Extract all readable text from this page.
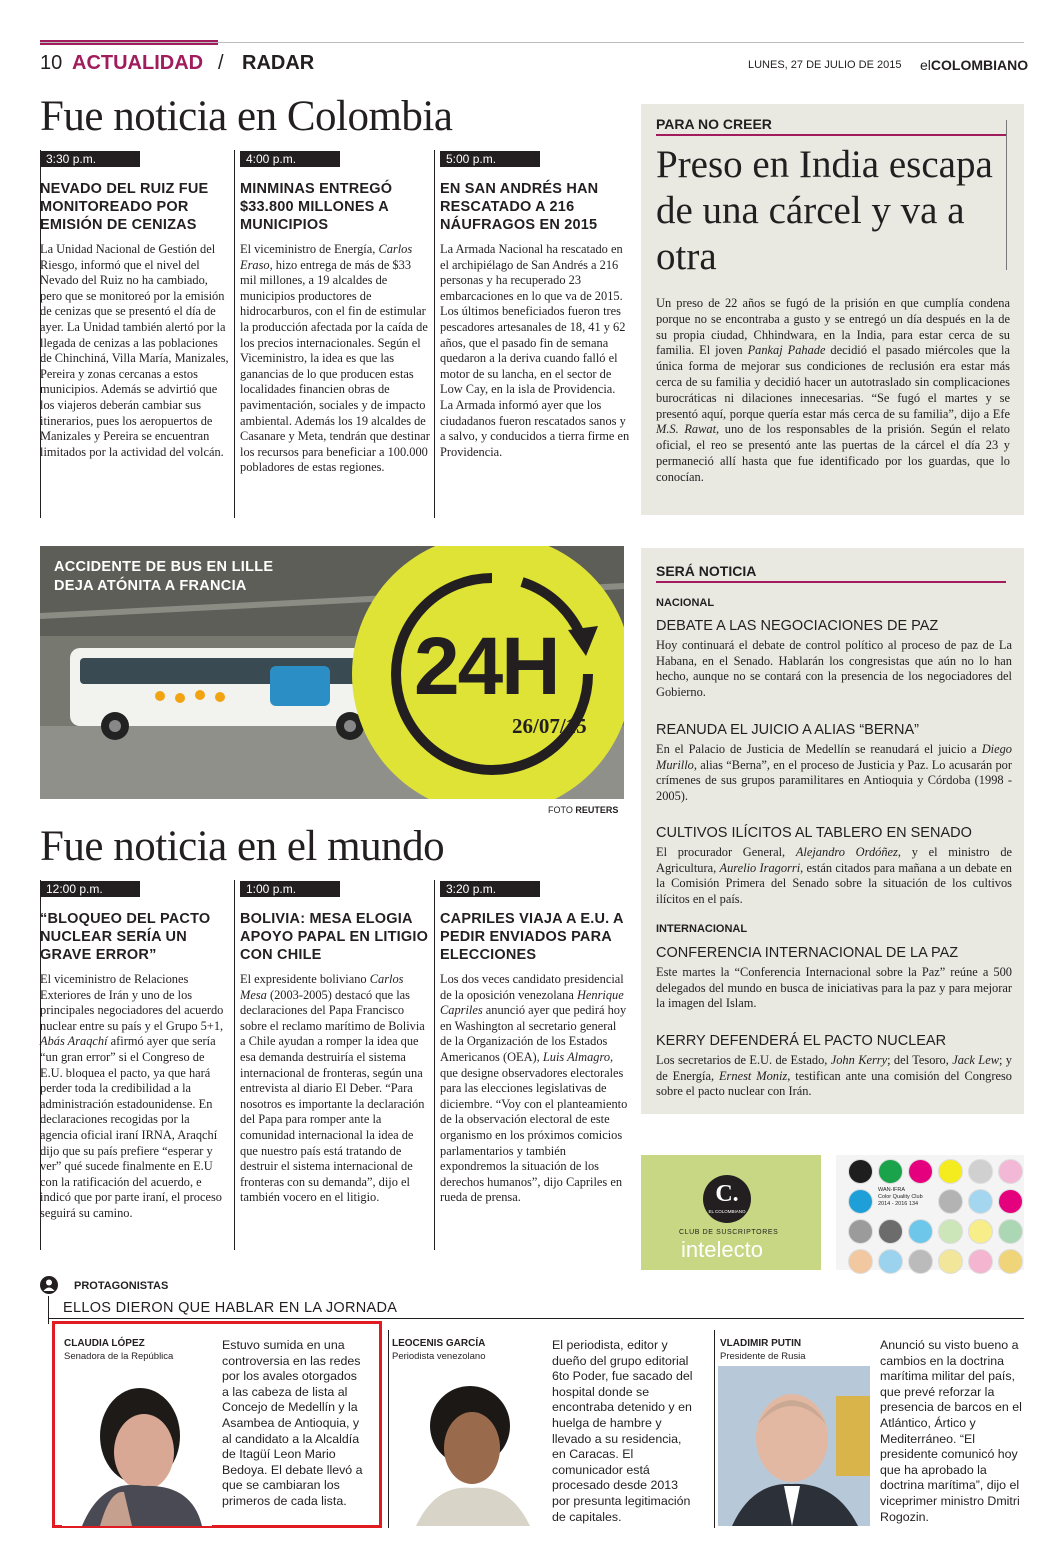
10 ACTUALIDAD / RADAR	LUNES, 27 DE JULIO DE 2015 elCOLOMBIANO
Fue noticia en Colombia
3:30 p.m.
NEVADO DEL RUIZ FUE MONITOREADO POR EMISIÓN DE CENIZAS
La Unidad Nacional de Gestión del Riesgo, informó que el nivel del Nevado del Ruiz no ha cambiado, pero que se monitoreó por la emisión de cenizas que se presentó el día de ayer. La Unidad también alertó por la llegada de cenizas a las poblaciones de Chinchiná, Villa María, Manizales, Pereira y zonas cercanas a estos municipios. Además se advirtió que los viajeros deberán cambiar sus itinerarios, pues los aeropuertos de Manizales y Pereira se encuentran limitados por la actividad del volcán.
4:00 p.m.
MINMINAS ENTREGÓ $33.800 MILLONES A MUNICIPIOS
El viceministro de Energía, Carlos Eraso, hizo entrega de más de $33 mil millones, a 19 alcaldes de municipios productores de hidrocarburos, con el fin de estimular la producción afectada por la caída de los precios internacionales. Según el Viceministro, la idea es que las ganancias de lo que producen estas localidades financien obras de pavimentación, sociales y de impacto ambiental. Además los 19 alcaldes de Casanare y Meta, tendrán que destinar los recursos para beneficiar a 100.000 pobladores de estas regiones.
5:00 p.m.
EN SAN ANDRÉS HAN RESCATADO A 216 NÁUFRAGOS EN 2015
La Armada Nacional ha rescatado en el archipiélago de San Andrés a 216 personas y ha recuperado 23 embarcaciones en lo que va de 2015. Los últimos beneficiados fueron tres pescadores artesanales de 18, 41 y 62 años, que el pasado fin de semana quedaron a la deriva cuando falló el motor de su lancha, en el sector de Low Cay, en la isla de Providencia. La Armada informó ayer que los ciudadanos fueron rescatados sanos y a salvo, y conducidos a tierra firme en Providencia.
PARA NO CREER
Preso en India escapa de una cárcel y va a otra
Un preso de 22 años se fugó de la prisión en que cumplía condena porque no se encontraba a gusto y se entregó un día después en la de su propia ciudad, Chhindwara, en la India, para estar cerca de su familia. El joven Pankaj Pahade decidió el pasado miércoles que la única forma de mejorar sus condiciones de reclusión era estar más cerca de su familia y decidió hacer un autotraslado sin complicaciones burocráticas ni dilaciones innecesarias. “Se fugó el martes y se presentó aquí, porque quería estar más cerca de su familia”, dijo a Efe M.S. Rawat, uno de los responsables de la prisión. Según el relato oficial, el reo se presentó ante las puertas de la cárcel el día 23 y permaneció allí hasta que fue identificado por los guardas, que lo conocían.
ACCIDENTE DE BUS EN LILLE DEJA ATÓNITA A FRANCIA
24H
26/07/15
FOTO REUTERS
SERÁ NOTICIA
NACIONAL
DEBATE A LAS NEGOCIACIONES DE PAZ
Hoy continuará el debate de control político al proceso de paz de La Habana, en el Senado. Hablarán los congresistas que aún no lo han hecho, aunque no se contará con la presencia de los negociadores del Gobierno.
REANUDA EL JUICIO A ALIAS “BERNA”
En el Palacio de Justicia de Medellín se reanudará el juicio a Diego Murillo, alias “Berna”, en el proceso de Justicia y Paz. Lo acusarán por crímenes de sus grupos paramilitares en Antioquia y Córdoba (1998 - 2005).
CULTIVOS ILÍCITOS AL TABLERO EN SENADO
El procurador General, Alejandro Ordóñez, y el ministro de Agricultura, Aurelio Iragorri, están citados para mañana a un debate en la Comisión Primera del Senado sobre la situación de los cultivos ilícitos en el país.
INTERNACIONAL
CONFERENCIA INTERNACIONAL DE LA PAZ
Este martes la “Conferencia Internacional sobre la Paz” reúne a 500 delegados del mundo en busca de iniciativas para la paz y para mejorar la imagen del Islam.
KERRY DEFENDERÁ EL PACTO NUCLEAR
Los secretarios de E.U. de Estado, John Kerry; del Tesoro, Jack Lew; y de Energía, Ernest Moniz, testifican ante una comisión del Congreso sobre el pacto nuclear con Irán.
Fue noticia en el mundo
12:00 p.m.
“BLOQUEO DEL PACTO NUCLEAR SERÍA UN GRAVE ERROR”
El viceministro de Relaciones Exteriores de Irán y uno de los principales negociadores del acuerdo nuclear entre su país y el Grupo 5+1, Abás Araqchí afirmó ayer que sería “un gran error” si el Congreso de E.U. bloquea el pacto, ya que hará perder toda la credibilidad a la administración estadounidense. En declaraciones recogidas por la agencia oficial iraní IRNA, Araqchí dijo que su país prefiere “esperar y ver” qué sucede finalmente en E.U con la ratificación del acuerdo, e indicó que por parte iraní, el proceso seguirá su camino.
1:00 p.m.
BOLIVIA: MESA ELOGIA APOYO PAPAL EN LITIGIO CON CHILE
El expresidente boliviano Carlos Mesa (2003-2005) destacó que las declaraciones del Papa Francisco sobre el reclamo marítimo de Bolivia a Chile ayudan a romper la idea que esa demanda destruiría el sistema internacional de fronteras, según una entrevista al diario El Deber. “Para nosotros es importante la declaración del Papa para romper ante la comunidad internacional la idea de que nuestro país está tratando de destruir el sistema internacional de fronteras con su demanda”, dijo el también vocero en el litigio.
3:20 p.m.
CAPRILES VIAJA A E.U. A PEDIR ENVIADOS PARA ELECCIONES
Los dos veces candidato presidencial de la oposición venezolana Henrique Capriles anunció ayer que pedirá hoy en Washington al secretario general de la Organización de los Estados Americanos (OEA), Luis Almagro, que designe observadores electorales para las elecciones legislativas de diciembre. “Voy con el planteamiento de la observación electoral de este organismo en los próximos comicios parlamentarios y también expondremos la situación de los derechos humanos”, dijo Capriles en rueda de prensa.	C.
EL COLOMBIANO
CLUB DE SUSCRIPTORES
intelecto
WAN-IFRA
Color Quality Club
2014 - 2016 134
PROTAGONISTAS
ELLOS DIERON QUE HABLAR EN LA JORNADA
CLAUDIA LÓPEZ
Senadora de la República
Estuvo sumida en una controversia en las redes por los avales otorgados a las cabeza de lista al Concejo de Medellín y la Asambea de Antioquia, y al candidato a la Alcaldía de Itagüí Leon Mario Bedoya. El debate llevó a que se cambiaran los primeros de cada lista.
LEOCENIS GARCÍA
Periodista venezolano
El periodista, editor y dueño del grupo editorial 6to Poder, fue sacado del hospital donde se encontraba detenido y en huelga de hambre y llevado a su residencia, en Caracas. El comunicador está procesado desde 2013 por presunta legitimación de capitales.
VLADIMIR PUTIN
Presidente de Rusia
Anunció su visto bueno a cambios en la doctrina marítima militar del país, que prevé reforzar la presencia de barcos en el Atlántico, Ártico y Mediterráneo. “El presidente comunicó hoy que ha aprobado la doctrina marítima”, dijo el viceprimer ministro Dmitri Rogozin.
